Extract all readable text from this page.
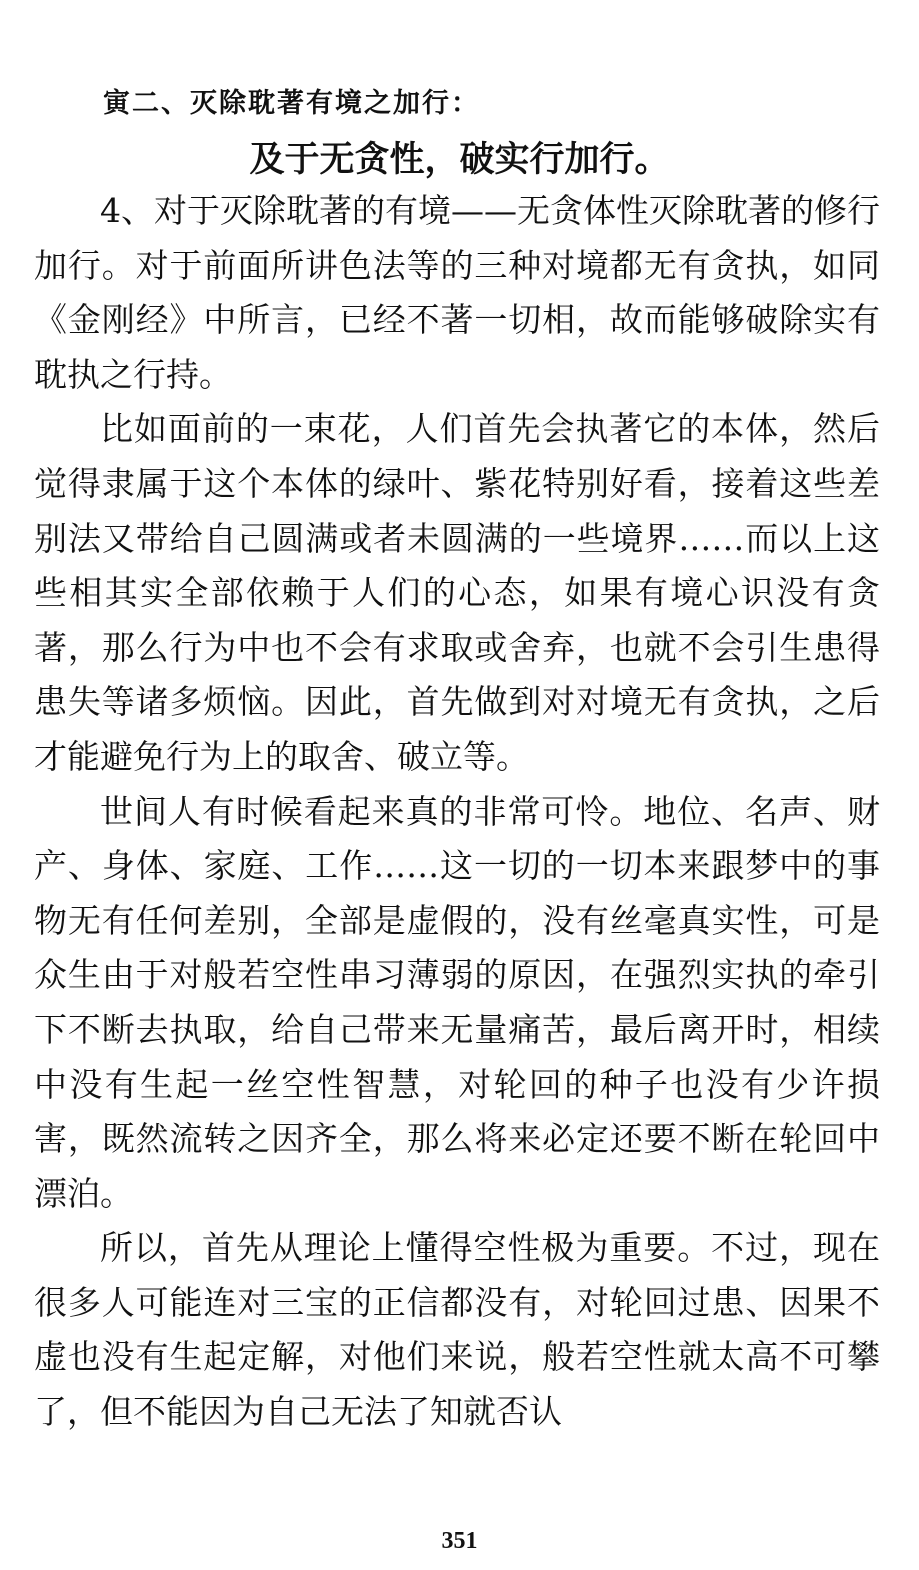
寅二、灭除耽著有境之加行：
及于无贪性，破实行加行。

4、对于灭除耽著的有境——无贪体性灭除耽著的修行加行。对于前面所讲色法等的三种对境都无有贪执，如同《金刚经》中所言，已经不著一切相，故而能够破除实有耽执之行持。

比如面前的一束花，人们首先会执著它的本体，然后觉得隶属于这个本体的绿叶、紫花特别好看，接着这些差别法又带给自己圆满或者未圆满的一些境界……而以上这些相其实全部依赖于人们的心态，如果有境心识没有贪著，那么行为中也不会有求取或舍弃，也就不会引生患得患失等诸多烦恼。因此，首先做到对对境无有贪执，之后才能避免行为上的取舍、破立等。

世间人有时候看起来真的非常可怜。地位、名声、财产、身体、家庭、工作……这一切的一切本来跟梦中的事物无有任何差别，全部是虚假的，没有丝毫真实性，可是众生由于对般若空性串习薄弱的原因，在强烈实执的牵引下不断去执取，给自己带来无量痛苦，最后离开时，相续中没有生起一丝空性智慧，对轮回的种子也没有少许损害，既然流转之因齐全，那么将来必定还要不断在轮回中漂泊。

所以，首先从理论上懂得空性极为重要。不过，现在很多人可能连对三宝的正信都没有，对轮回过患、因果不虚也没有生起定解，对他们来说，般若空性就太高不可攀了，但不能因为自己无法了知就否认

351
